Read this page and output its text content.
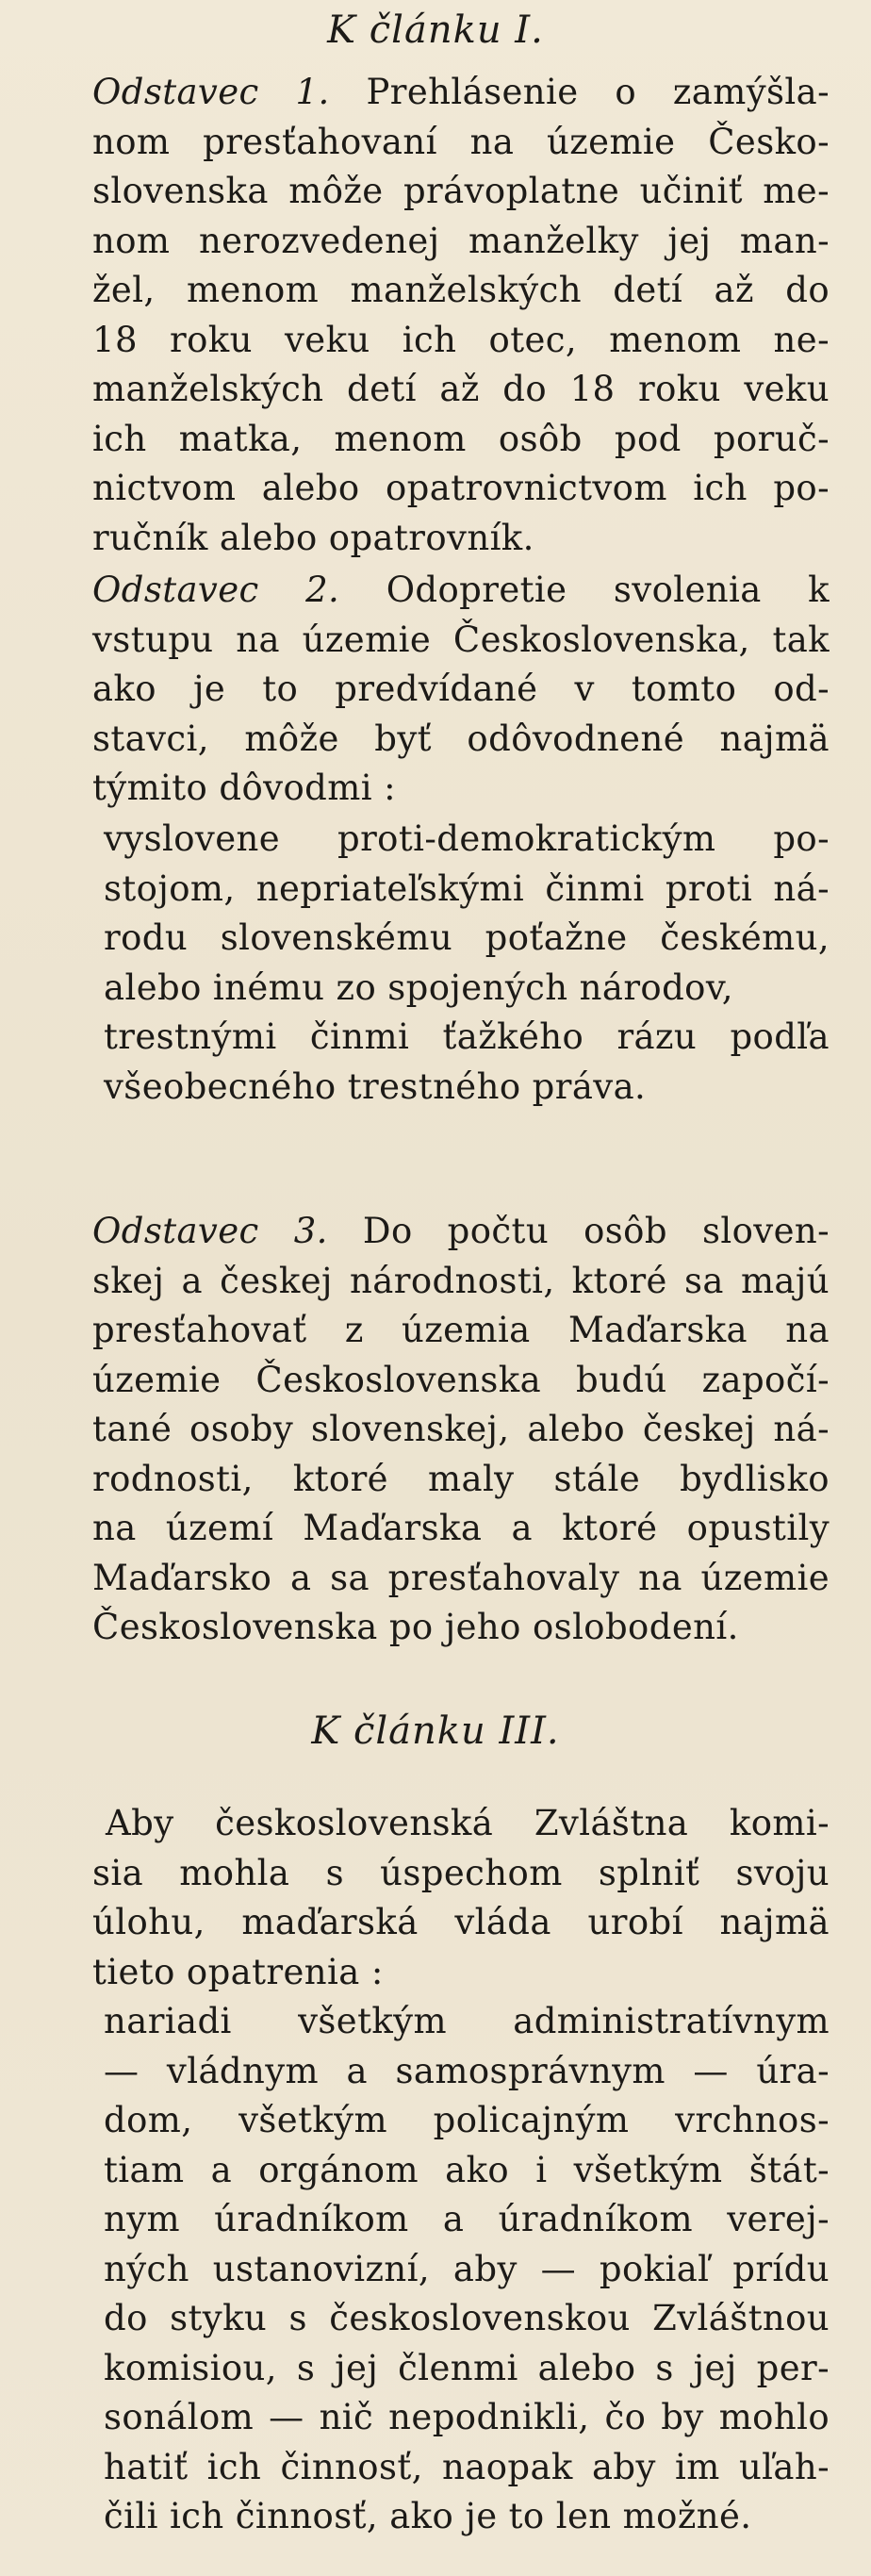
K článku I.
Odstavec 1. Prehlásenie o zamýšla-
nom presťahovaní na územie Česko-
slovenska môže právoplatne učiniť me-
nom nerozvedenej manželky jej man-
žel, menom manželských detí až do
18 roku veku ich otec, menom ne-
manželských detí až do 18 roku veku
ich matka, menom osôb pod poruč-
nictvom alebo opatrovnictvom ich po-
ručník alebo opatrovník.
Odstavec 2. Odopretie svolenia k
vstupu na územie Československa, tak
ako je to predvídané v tomto od-
stavci, môže byť odôvodnené najmä
týmito dôvodmi :
vyslovene proti-demokratickým po-
stojom, nepriateľskými činmi proti ná-
rodu slovenskému poťažne českému,
alebo inému zo spojených národov,
trestnými činmi ťažkého rázu podľa
všeobecného trestného práva.
Odstavec 3. Do počtu osôb sloven-
skej a českej národnosti, ktoré sa majú
presťahovať z územia Maďarska na
územie Československa budú započí-
tané osoby slovenskej, alebo českej ná-
rodnosti, ktoré maly stále bydlisko
na území Maďarska a ktoré opustily
Maďarsko a sa presťahovaly na územie
Československa po jeho oslobodení.
K článku III.
Aby československá Zvláštna komi-
sia mohla s úspechom splniť svoju
úlohu, maďarská vláda urobí najmä
tieto opatrenia :
nariadi všetkým administratívnym
— vládnym a samosprávnym — úra-
dom, všetkým policajným vrchnos-
tiam a orgánom ako i všetkým štát-
nym úradníkom a úradníkom verej-
ných ustanovizní, aby — pokiaľ prídu
do styku s československou Zvláštnou
komisiou, s jej členmi alebo s jej per-
sonálom — nič nepodnikli, čo by mohlo
hatiť ich činnosť, naopak aby im uľah-
čili ich činnosť, ako je to len možné.
